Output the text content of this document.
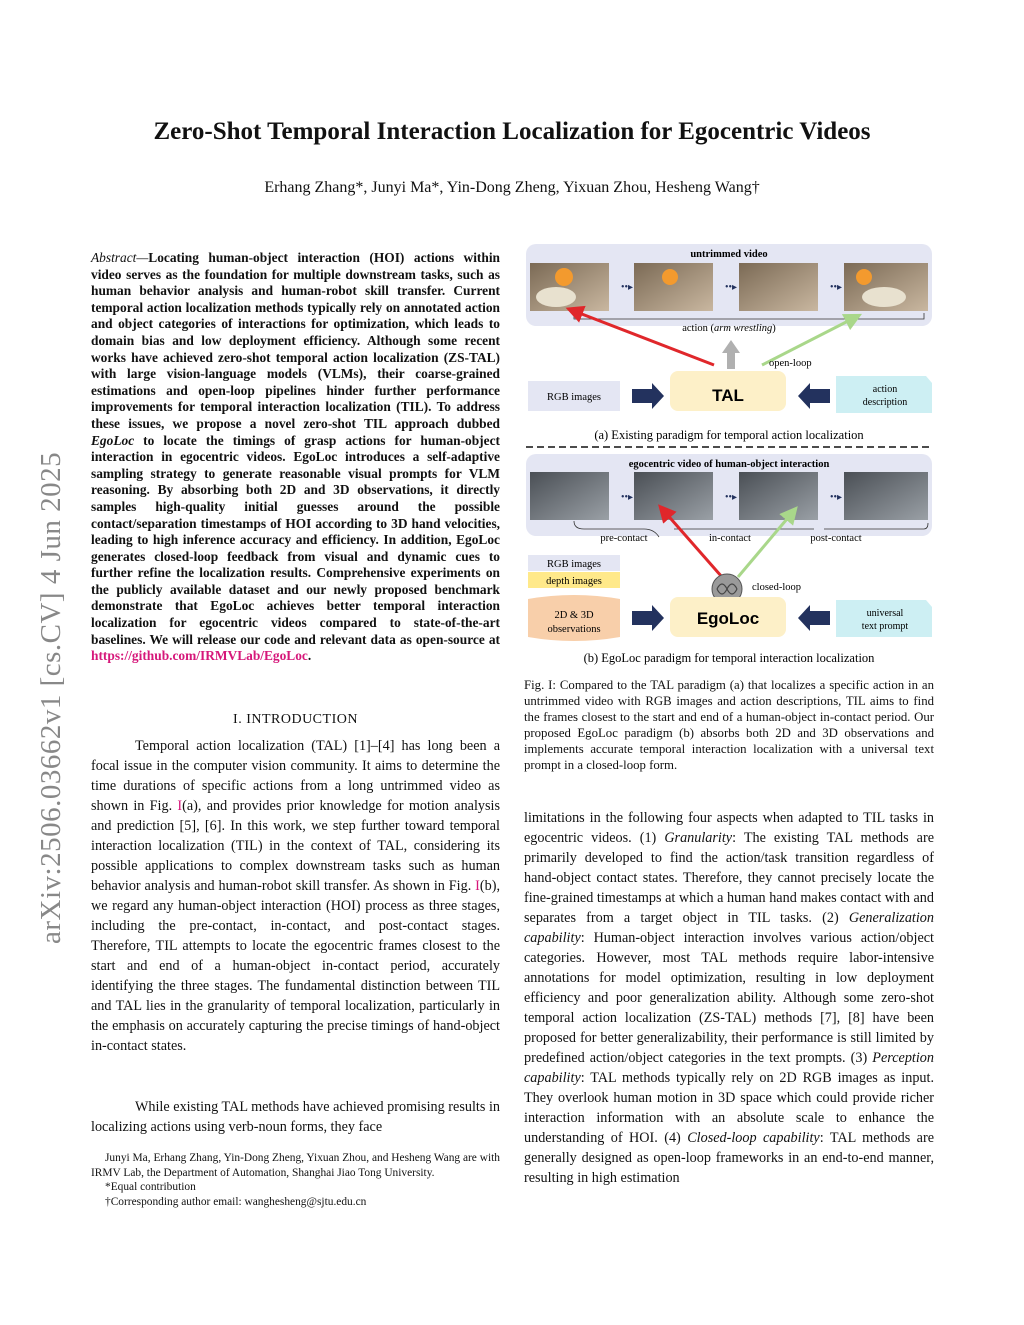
Zero-Shot Temporal Interaction Localization for Egocentric Videos
Erhang Zhang*, Junyi Ma*, Yin-Dong Zheng, Yixuan Zhou, Hesheng Wang†
arXiv:2506.03662v1 [cs.CV] 4 Jun 2025
Abstract—Locating human-object interaction (HOI) actions within video serves as the foundation for multiple downstream tasks, such as human behavior analysis and human-robot skill transfer. Current temporal action localization methods typically rely on annotated action and object categories of interactions for optimization, which leads to domain bias and low deployment efficiency. Although some recent works have achieved zero-shot temporal action localization (ZS-TAL) with large vision-language models (VLMs), their coarse-grained estimations and open-loop pipelines hinder further performance improvements for temporal interaction localization (TIL). To address these issues, we propose a novel zero-shot TIL approach dubbed EgoLoc to locate the timings of grasp actions for human-object interaction in egocentric videos. EgoLoc introduces a self-adaptive sampling strategy to generate reasonable visual prompts for VLM reasoning. By absorbing both 2D and 3D observations, it directly samples high-quality initial guesses around the possible contact/separation timestamps of HOI according to 3D hand velocities, leading to high inference accuracy and efficiency. In addition, EgoLoc generates closed-loop feedback from visual and dynamic cues to further refine the localization results. Comprehensive experiments on the publicly available dataset and our newly proposed benchmark demonstrate that EgoLoc achieves better temporal interaction localization for egocentric videos compared to state-of-the-art baselines. We will release our code and relevant data as open-source at https://github.com/IRMVLab/EgoLoc.
I. INTRODUCTION
Temporal action localization (TAL) [1]–[4] has long been a focal issue in the computer vision community. It aims to determine the time durations of specific actions from a long untrimmed video as shown in Fig. I(a), and provides prior knowledge for motion analysis and prediction [5], [6]. In this work, we step further toward temporal interaction localization (TIL) in the context of TAL, considering its possible applications to complex downstream tasks such as human behavior analysis and human-robot skill transfer. As shown in Fig. I(b), we regard any human-object interaction (HOI) process as three stages, including the pre-contact, in-contact, and post-contact stages. Therefore, TIL attempts to locate the egocentric frames closest to the start and end of a human-object in-contact period, accurately identifying the three stages. The fundamental distinction between TIL and TAL lies in the granularity of temporal localization, particularly in the emphasis on accurately capturing the precise timings of hand-object in-contact states.
While existing TAL methods have achieved promising results in localizing actions using verb-noun forms, they face

Junyi Ma, Erhang Zhang, Yin-Dong Zheng, Yixuan Zhou, and Hesheng Wang are with IRMV Lab, the Department of Automation, Shanghai Jiao Tong University.

*Equal contribution

†Corresponding author email: wanghesheng@sjtu.edu.cn

untrimmed video
••▸	••▸	••▸
action (arm wrestling)
open-loop
RGB images	TAL	action
description
(a) Existing paradigm for temporal action localization
egocentric video of human-object interaction
••▸	••▸	••▸
pre-contact	in-contact	post-contact
closed-loop
RGB images
depth images
2D & 3D
observations
EgoLoc	universal
text prompt
(b) EgoLoc paradigm for temporal interaction localization
Fig. I: Compared to the TAL paradigm (a) that localizes a specific action in an untrimmed video with RGB images and action descriptions, TIL aims to find the frames closest to the start and end of a human-object in-contact period. Our proposed EgoLoc paradigm (b) absorbs both 2D and 3D observations and implements accurate temporal interaction localization with a universal text prompt in a closed-loop form.
limitations in the following four aspects when adapted to TIL tasks in egocentric videos. (1) Granularity: The existing TAL methods are primarily developed to find the action/task transition regardless of hand-object contact states. Therefore, they cannot precisely locate the fine-grained timestamps at which a human hand makes contact with and separates from a target object in TIL tasks. (2) Generalization capability: Human-object interaction involves various action/object categories. However, most TAL methods require labor-intensive annotations for model optimization, resulting in low deployment efficiency and poor generalization ability. Although some zero-shot temporal action localization (ZS-TAL) methods [7], [8] have been proposed for better generalizability, their performance is still limited by predefined action/object categories in the text prompts. (3) Perception capability: TAL methods typically rely on 2D RGB images as input. They overlook human motion in 3D space which could provide richer interaction information with an absolute scale to enhance the understanding of HOI. (4) Closed-loop capability: TAL methods are generally designed as open-loop frameworks in an end-to-end manner, resulting in high estimation
